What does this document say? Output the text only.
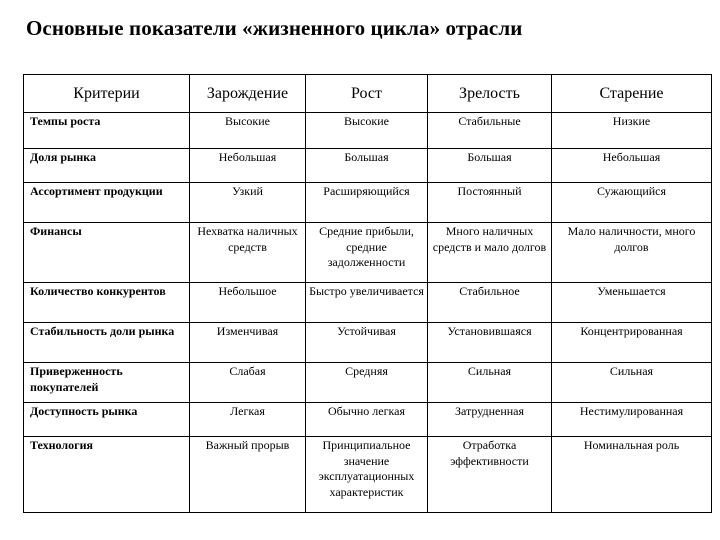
Основные показатели «жизненного цикла» отрасли
Критерии	Зарождение	Рост	Зрелость	Старение
Темпы роста	Высокие	Высокие	Стабильные	Низкие
Доля рынка	Небольшая	Большая	Большая	Небольшая
Ассортимент продукции	Узкий	Расширяющийся	Постоянный	Сужающийся
Финансы	Нехватка наличных средств	Средние прибыли, средние задолженности	Много наличных средств и мало долгов	Мало наличности, много долгов
Количество конкурентов	Небольшое	Быстро увеличивается	Стабильное	Уменьшается
Стабильность доли рынка	Изменчивая	Устойчивая	Установившаяся	Концентрированная
Приверженность покупателей	Слабая	Средняя	Сильная	Сильная
Доступность рынка	Легкая	Обычно легкая	Затрудненная	Нестимулированная
Технология	Важный прорыв	Принципиальное значение эксплуатационных характеристик	Отработка эффективности	Номинальная роль
